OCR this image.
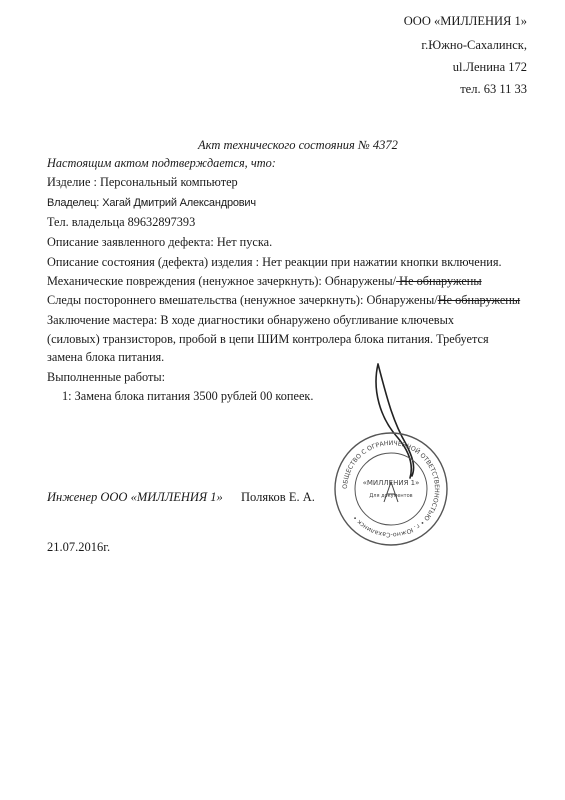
ООО «МИЛЛЕНИЯ 1»
г.Южно-Сахалинск,
ul.Ленина 172
тел. 63 11 33
Акт технического состояния № 4372
Настоящим актом подтверждается, что:
Изделие : Персональный компьютер
Владелец: Хагай Дмитрий Александрович
Тел. владельца 89632897393
Описание заявленного дефекта: Нет пуска.
Описание состояния (дефекта) изделия : Нет реакции при нажатии кнопки включения.
Механические повреждения (ненужное зачеркнуть): Обнаружены/ Не обнаружены
Следы постороннего вмешательства (ненужное зачеркнуть): Обнаружены/Не обнаружены
Заключение мастера: В ходе диагностики обнаружено обугливание ключевых (силовых) транзисторов, пробой в цепи ШИМ контролера блока питания. Требуется замена блока питания.
Выполненные работы:
1: Замена блока питания 3500 рублей 00 копеек.
Инженер ООО «МИЛЛЕНИЯ 1» Поляков Е. А.
21.07.2016г.
ОБЩЕСТВО С ОГРАНИЧЕННОЙ ОТВЕТСТВЕННОСТЬЮ • г. Южно-Сахалинск •
«МИЛЛЕНИЯ 1»
Для документов
